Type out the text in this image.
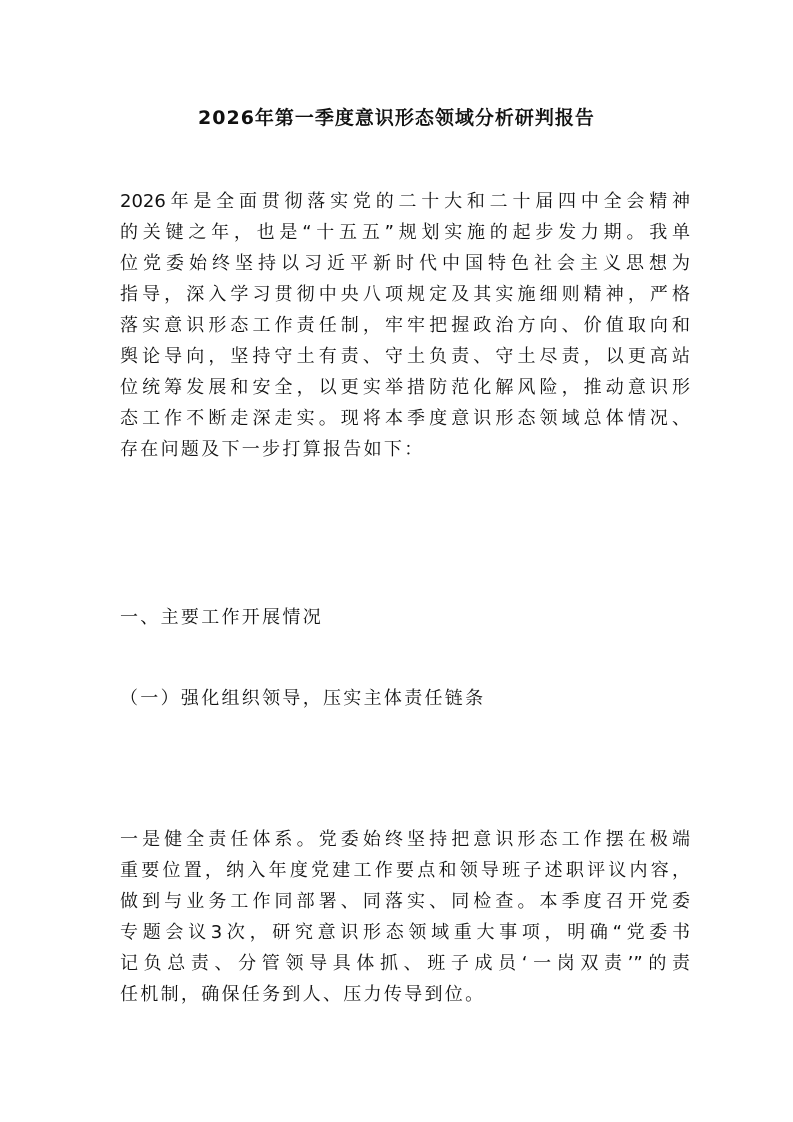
2026年第一季度意识形态领域分析研判报告
2026年是全面贯彻落实党的二十大和二十届四中全会精神
的关键之年，也是“十五五”规划实施的起步发力期。我单
位党委始终坚持以习近平新时代中国特色社会主义思想为
指导，深入学习贯彻中央八项规定及其实施细则精神，严格
落实意识形态工作责任制，牢牢把握政治方向、价值取向和
舆论导向，坚持守土有责、守土负责、守土尽责，以更高站
位统筹发展和安全，以更实举措防范化解风险，推动意识形
态工作不断走深走实。现将本季度意识形态领域总体情况、
存在问题及下一步打算报告如下：
一、主要工作开展情况
（一）强化组织领导，压实主体责任链条
一是健全责任体系。党委始终坚持把意识形态工作摆在极端
重要位置，纳入年度党建工作要点和领导班子述职评议内容，
做到与业务工作同部署、同落实、同检查。本季度召开党委
专题会议3次，研究意识形态领域重大事项，明确“党委书
记负总责、分管领导具体抓、班子成员‘一岗双责’”的责
任机制，确保任务到人、压力传导到位。
